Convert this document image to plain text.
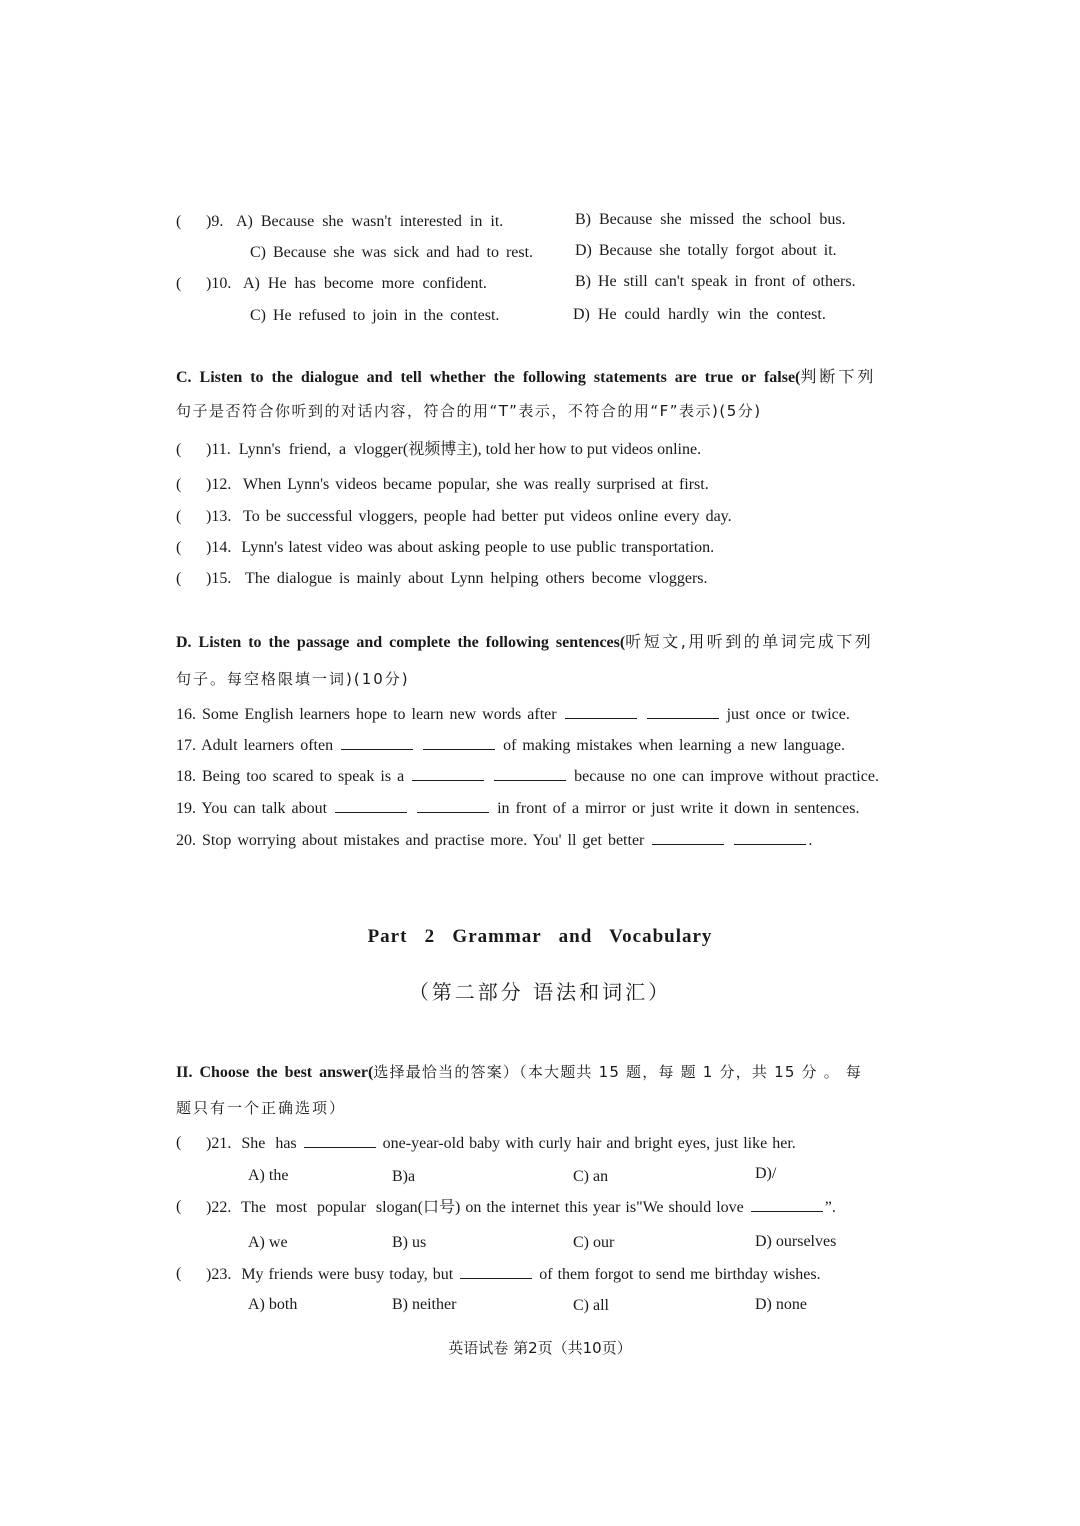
( )9. A) Because she wasn't interested in it.	B) Because she missed the school bus.
C) Because she was sick and had to rest.	D) Because she totally forgot about it.
( )10. A) He has become more confident.	B) He still can't speak in front of others.
C) He refused to join in the contest.	D) He could hardly win the contest.
C. Listen to the dialogue and tell whether the following statements are true or false(判断下列
句子是否符合你听到的对话内容，符合的用“T”表示，不符合的用“F”表示)(5分)
( )11.  Lynn's  friend,  a  vlogger(视频博主), told her how to put videos online.
( )12.  When Lynn's videos became popular, she was really surprised at first.
( )13.  To be successful vloggers, people had better put videos online every day.
( )14.  Lynn's latest video was about asking people to use public transportation.
( )15.  The dialogue is mainly about Lynn helping others become vloggers.
D. Listen to the passage and complete the following sentences(听短文,用听到的单词完成下列
句子。每空格限填一词)(10分)
16. Some English learners hope to learn new words after	just once or twice.
17. Adult learners often	of making mistakes when learning a new language.
18. Being too scared to speak is a	because no one can improve without practice.
19. You can talk about	in front of a mirror or just write it down in sentences.
20. Stop worrying about mistakes and practise more. You' ll get better	.
Part   2   Grammar   and   Vocabulary
（第二部分 语法和词汇）
II. Choose the best answer(选择最恰当的答案）（本大题共 15 题，每 题 1 分，共 15 分 。 每
题只有一个正确选项）
( )21.  She  has	one-year-old baby with curly hair and bright eyes, just like her.
A) the	B)a	C) an	D)/
( )22.  The  most  popular  slogan(口号) on the internet this year is"We should love	”.
A) we	B) us	C) our	D) ourselves
( )23.  My friends were busy today, but	of them forgot to send me birthday wishes.
A) both	B) neither	C) all	D) none
英语试卷 第2页（共10页）
